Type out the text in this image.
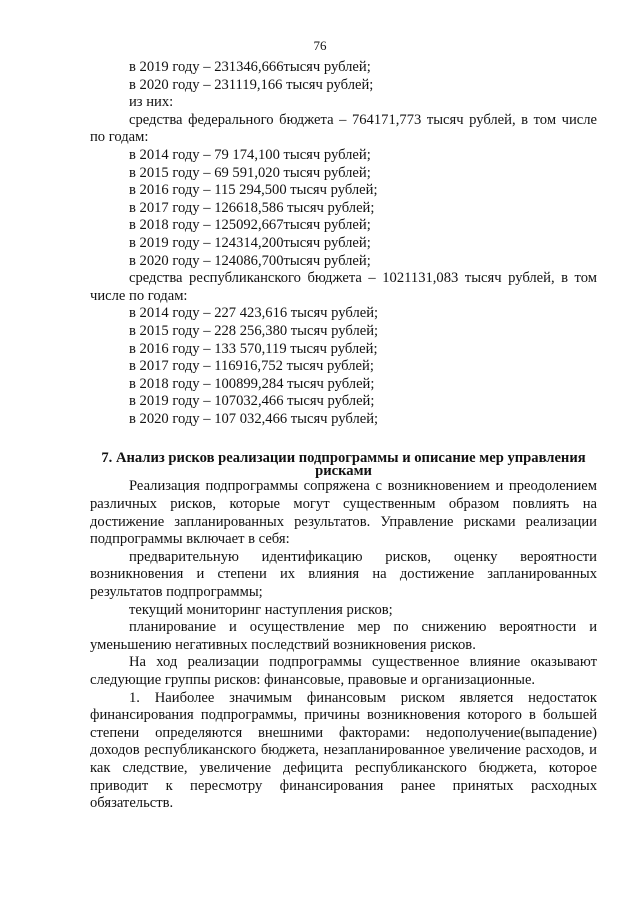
76
в 2019 году – 231346,666тысяч рублей;
в 2020 году – 231119,166 тысяч рублей;
из них:

средства федерального бюджета – 764171,773 тысяч рублей, в том числе по годам:

в 2014 году – 79 174,100 тысяч рублей;
в 2015 году – 69 591,020 тысяч рублей;
в 2016 году – 115 294,500 тысяч рублей;
в 2017 году – 126618,586 тысяч рублей;
в 2018 году – 125092,667тысяч рублей;
в 2019 году – 124314,200тысяч рублей;
в 2020 году – 124086,700тысяч рублей;

средства республиканского бюджета – 1021131,083 тысяч рублей, в том числе по годам:

в 2014 году – 227 423,616 тысяч рублей;
в 2015 году – 228 256,380 тысяч рублей;
в 2016 году – 133 570,119 тысяч рублей;
в 2017 году – 116916,752 тысяч рублей;
в 2018 году – 100899,284 тысяч рублей;
в 2019 году – 107032,466 тысяч рублей;
в 2020 году – 107 032,466 тысяч рублей;
7. Анализ рисков реализации подпрограммы и описание мер управления рисками

Реализация подпрограммы сопряжена с возникновением и преодолением различных рисков, которые могут существенным образом повлиять на достижение запланированных результатов. Управление рисками реализации подпрограммы включает в себя:

предварительную идентификацию рисков, оценку вероятности возникновения и степени их влияния на достижение запланированных результатов подпрограммы;

текущий мониторинг наступления рисков;

планирование и осуществление мер по снижению вероятности и уменьшению негативных последствий возникновения рисков.

На ход реализации подпрограммы существенное влияние оказывают следующие группы рисков: финансовые, правовые и организационные.

1. Наиболее значимым финансовым риском является недостаток финансирования подпрограммы, причины возникновения которого в большей степени определяются внешними факторами: недополучение(выпадение) доходов республиканского бюджета, незапланированное увеличение расходов, и как следствие, увеличение дефицита республиканского бюджета, которое приводит к пересмотру финансирования ранее принятых расходных обязательств.
